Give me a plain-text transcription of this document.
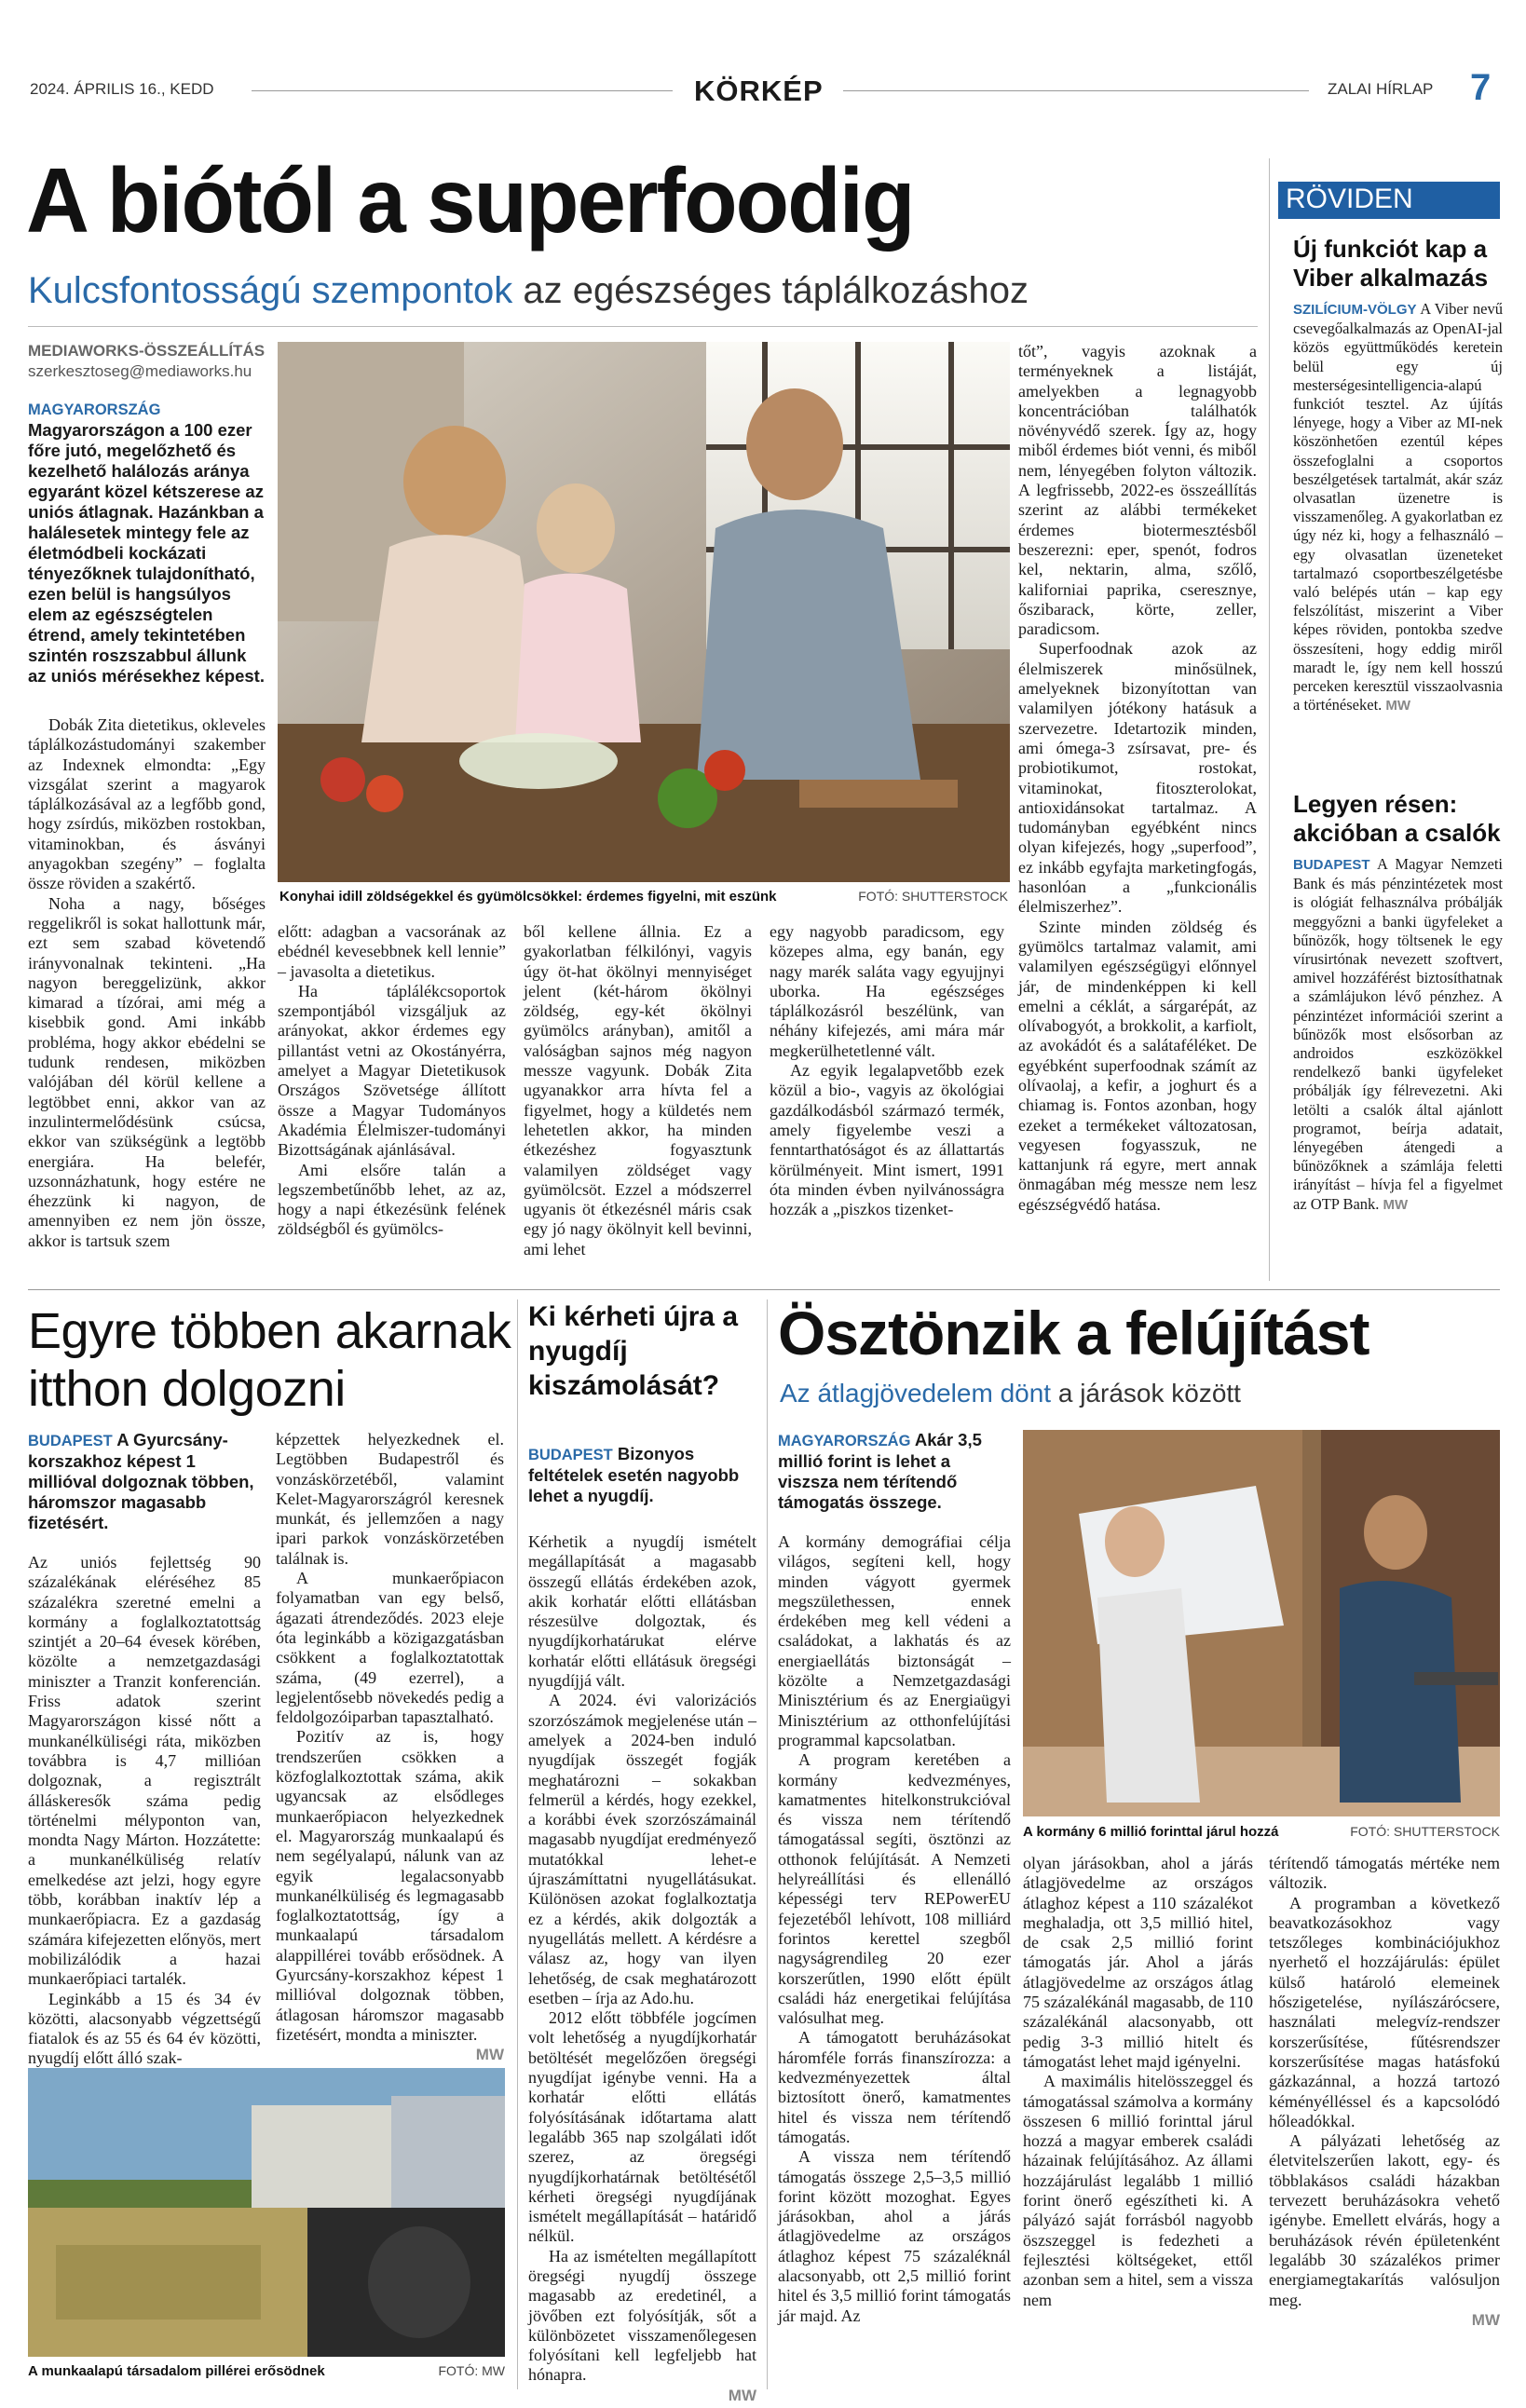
2024. ÁPRILIS 16., KEDD	KÖRKÉP	ZALAI HÍRLAP 7
A biótól a superfoodig
Kulcsfontosságú szempontok az egészséges táplálkozáshoz
MEDIAWORKS-ÖSSZEÁLLÍTÁS
szerkesztoseg@mediaworks.hu
MAGYARORSZÁG Magyarországon a 100 ezer főre jutó, megelőzhető és kezelhető halálozás aránya egyaránt közel kétszerese az uniós átlagnak. Hazánkban a halálesetek mintegy fele az életmódbeli kockázati tényezőknek tulajdonítható, ezen belül is hangsúlyos elem az egészségtelen étrend, amely tekintetében szintén roszszabbul állunk az uniós mérésekhez képest.

Dobák Zita dietetikus, okleveles táplálkozástudományi szakember az Indexnek elmondta: „Egy vizsgálat szerint a magyarok táplálkozásával az a legfőbb gond, hogy zsírdús, miközben rostokban, vitaminokban, és ásványi anyagokban szegény” – foglalta össze röviden a szakértő.

Noha a nagy, bőséges reggelikről is sokat hallottunk már, ezt sem szabad követendő irányvonalnak tekinteni. „Ha nagyon bereggelizünk, akkor kimarad a tízórai, ami még a kisebbik gond. Ami inkább probléma, hogy akkor ebédelni se tudunk rendesen, miközben valójában dél körül kellene a legtöbbet enni, akkor van az inzulintermelődésünk csúcsa, ekkor van szükségünk a legtöbb energiára. Ha belefér, uzsonnázhatunk, hogy estére ne éhezzünk ki nagyon, de amennyiben ez nem jön össze, akkor is tartsuk szem

Konyhai idill zöldségekkel és gyümölcsökkel: érdemes figyelni, mit eszünk	FOTÓ: SHUTTERSTOCK

előtt: adagban a vacsorának az ebédnél kevesebbnek kell lennie” – javasolta a dietetikus.

Ha táplálékcsoportok szempontjából vizsgáljuk az arányokat, akkor érdemes egy pillantást vetni az Okostányérra, amelyet a Magyar Dietetikusok Országos Szövetsége állított össze a Magyar Tudományos Akadémia Élelmiszer-tudományi Bizottságának ajánlásával.

Ami elsőre talán a legszembetűnőbb lehet, az az, hogy a napi étkezésünk felének zöldségből és gyümölcs-

ből kellene állnia. Ez a gyakorlatban félkilónyi, vagyis úgy öt-hat ökölnyi mennyiséget jelent (két-három ökölnyi zöldség, egy-két ökölnyi gyümölcs arányban), amitől a valóságban sajnos még nagyon messze vagyunk. Dobák Zita ugyanakkor arra hívta fel a figyelmet, hogy a küldetés nem lehetetlen akkor, ha minden étkezéshez fogyasztunk valamilyen zöldséget vagy gyümölcsöt. Ezzel a módszerrel ugyanis öt étkezésnél máris csak egy jó nagy ökölnyit kell bevinni, ami lehet

egy nagyobb paradicsom, egy közepes alma, egy banán, egy nagy marék saláta vagy egyujjnyi uborka. Ha egészséges táplálkozásról beszélünk, van néhány kifejezés, ami mára már megkerülhetetlenné vált.

Az egyik legalapvetőbb ezek közül a bio-, vagyis az ökológiai gazdálkodásból származó termék, amely figyelembe veszi a fenntarthatóságot és az állattartás körülményeit. Mint ismert, 1991 óta minden évben nyilvánosságra hozzák a „piszkos tizenket-

tőt”, vagyis azoknak a terményeknek a listáját, amelyekben a legnagyobb koncentrációban találhatók növényvédő szerek. Így az, hogy miből érdemes biót venni, és miből nem, lényegében folyton változik. A legfrissebb, 2022-es összeállítás szerint az alábbi termékeket érdemes biotermesztésből beszerezni: eper, spenót, fodros kel, nektarin, alma, szőlő, kaliforniai paprika, cseresznye, őszibarack, körte, zeller, paradicsom.

Superfoodnak azok az élelmiszerek minősülnek, amelyeknek bizonyítottan van valamilyen jótékony hatásuk a szervezetre. Idetartozik minden, ami ómega-3 zsírsavat, pre- és probiotikumot, rostokat, vitaminokat, fitoszterolokat, antioxidánsokat tartalmaz. A tudományban egyébként nincs olyan kifejezés, hogy „superfood”, ez inkább egyfajta marketingfogás, hasonlóan a „funkcionális élelmiszerhez”.

Szinte minden zöldség és gyümölcs tartalmaz valamit, ami valamilyen egészségügyi előnnyel jár, de mindenképpen ki kell emelni a céklát, a sárgarépát, az olívabogyót, a brokkolit, a karfiolt, az avokádót és a salátaféléket. De egyébként superfoodnak számít az olívaolaj, a kefir, a joghurt és a chiamag is. Fontos azonban, hogy ezeket a termékeket változatosan, vegyesen fogyasszuk, ne kattanjunk rá egyre, mert annak önmagában még messze nem lesz egészségvédő hatása.

RÖVIDEN
Új funkciót kap a Viber alkalmazás

SZILÍCIUM-VÖLGY A Viber nevű csevegőalkalmazás az OpenAI-jal közös együttműködés keretein belül egy új mesterségesintelligencia-alapú funkciót tesztel. Az újítás lényege, hogy a Viber az MI-nek köszönhetően ezentúl képes összefoglalni a csoportos beszélgetések tartalmát, akár száz olvasatlan üzenetre is visszamenőleg. A gyakorlatban ez úgy néz ki, hogy a felhasználó – egy olvasatlan üzeneteket tartalmazó csoportbeszélgetésbe való belépés után – kap egy felszólítást, miszerint a Viber képes röviden, pontokba szedve összesíteni, hogy eddig miről maradt le, így nem kell hosszú perceken keresztül visszaolvasnia a történéseket. MW

Legyen résen: akcióban a csalók

BUDAPEST A Magyar Nemzeti Bank és más pénzintézetek most is ológiát felhasználva próbálják meggyőzni a banki ügyfeleket a bűnözők, hogy töltsenek le egy vírusirtónak nevezett szoftvert, amivel hozzáférést biztosíthatnak a számlájukon lévő pénzhez. A pénzintézet információi szerint a bűnözők most elsősorban az androidos eszközökkel rendelkező banki ügyfeleket próbálják így félrevezetni. Aki letölti a csalók által ajánlott programot, beírja adatait, lényegében átengedi a bűnözőknek a számlája feletti irányítást – hívja fel a figyelmet az OTP Bank. MW

Egyre többen akarnak
itthon dolgozni
BUDAPEST A Gyurcsány-korszakhoz képest 1 millióval dolgoznak többen, háromszor magasabb fizetésért.

Az uniós fejlettség 90 százalékának eléréséhez 85 százalékra szeretné emelni a kormány a foglalkoztatottság szintjét a 20–64 évesek körében, közölte a nemzetgazdasági miniszter a Tranzit konferencián. Friss adatok szerint Magyarországon kissé nőtt a munkanélküliségi ráta, miközben továbbra is 4,7 millióan dolgoznak, a regisztrált álláskeresők száma pedig történelmi mélyponton van, mondta Nagy Márton. Hozzátette: a munkanélküliség relatív emelkedése azt jelzi, hogy egyre több, korábban inaktív lép a munkaerőpiacra. Ez a gazdaság számára kifejezetten előnyös, mert mobilizálódik a hazai munkaerőpiaci tartalék.

Leginkább a 15 és 34 év közötti, alacsonyabb végzettségű fiatalok és az 55 és 64 év közötti, nyugdíj előtt álló szak-

képzettek helyezkednek el. Legtöbben Budapestről és vonzáskörzetéből, valamint Kelet-Magyarországról keresnek munkát, és jellemzően a nagy ipari parkok vonzáskörzetében találnak is.

A munkaerőpiacon folyamatban van egy belső, ágazati átrendeződés. 2023 eleje óta leginkább a közigazgatásban csökkent a foglalkoztatottak száma, (49 ezerrel), a legjelentősebb növekedés pedig a feldolgozóiparban tapasztalható.

Pozitív az is, hogy trendszerűen csökken a közfoglalkoztottak száma, akik ugyancsak az elsődleges munkaerőpiacon helyezkednek el. Magyarország munkaalapú és nem segélyalapú, nálunk van az egyik legalacsonyabb munkanélküliség és legmagasabb foglalkoztatottság, így a munkaalapú társadalom alappillérei tovább erősödnek. A Gyurcsány-korszakhoz képest 1 millióval dolgoznak többen, átlagosan háromszor magasabb fizetésért, mondta a miniszter.

MW
A munkaalapú társadalom pillérei erősödnek	FOTÓ: MW
Ki kérheti újra a nyugdíj kiszámolását?
BUDAPEST Bizonyos feltételek esetén nagyobb lehet a nyugdíj.

Kérhetik a nyugdíj ismételt megállapítását a magasabb összegű ellátás érdekében azok, akik korhatár előtti ellátásban részesülve dolgoztak, és nyugdíjkorhatárukat elérve korhatár előtti ellátásuk öregségi nyugdíjjá vált.

A 2024. évi valorizációs szorzószámok megjelenése után – amelyek a 2024-ben induló nyugdíjak összegét fogják meghatározni – sokakban felmerül a kérdés, hogy ezekkel, a korábbi évek szorzószámainál magasabb nyugdíjat eredményező mutatókkal lehet-e újraszámíttatni nyugellátásukat. Különösen azokat foglalkoztatja ez a kérdés, akik dolgozták a nyugellátás mellett. A kérdésre a válasz az, hogy van ilyen lehetőség, de csak meghatározott esetben – írja az Ado.hu.

2012 előtt többféle jogcímen volt lehetőség a nyugdíjkorhatár betöltését megelőzően öregségi nyugdíjat igénybe venni. Ha a korhatár előtti ellátás folyósításának időtartama alatt legalább 365 nap szolgálati időt szerez, az öregségi nyugdíjkorhatárnak betöltésétől kérheti öregségi nyugdíjának ismételt megállapítását – határidő nélkül.

Ha az ismételten megállapított öregségi nyugdíj összege magasabb az eredetinél, a jövőben ezt folyósítják, sőt a különbözetet visszamenőlegesen folyósítani kell legfeljebb hat hónapra.

MW
Ösztönzik a felújítást
Az átlagjövedelem dönt a járások között
MAGYARORSZÁG Akár 3,5 millió forint is lehet a viszsza nem térítendő támogatás összege.

A kormány demográfiai célja világos, segíteni kell, hogy minden vágyott gyermek megszülethessen, ennek érdekében meg kell védeni a családokat, a lakhatás és az energiaellátás biztonságát – közölte a Nemzetgazdasági Minisztérium és az Energiaügyi Minisztérium az otthonfelújítási programmal kapcsolatban.

A program keretében a kormány kedvezményes, kamatmentes hitelkonstrukcióval és vissza nem térítendő támogatással segíti, ösztönzi az otthonok felújítását. A Nemzeti helyreállítási és ellenálló képességi terv REPowerEU fejezetéből lehívott, 108 milliárd forintos kerettel szegből nagyságrendileg 20 ezer korszerűtlen, 1990 előtt épült családi ház energetikai felújítása valósulhat meg.

A támogatott beruházásokat háromféle forrás finanszírozza: a kedvezményezettek által biztosított önerő, kamatmentes hitel és vissza nem térítendő támogatás.

A vissza nem térítendő támogatás összege 2,5–3,5 millió forint között mozoghat. Egyes járásokban, ahol a járás átlagjövedelme az országos átlaghoz képest 75 százaléknál alacsonyabb, ott 2,5 millió forint hitel és 3,5 millió forint támogatás jár majd. Az

A kormány 6 millió forinttal járul hozzá	FOTÓ: SHUTTERSTOCK

olyan járásokban, ahol a járás átlagjövedelme az országos átlaghoz képest a 110 százalékot meghaladja, ott 3,5 millió hitel, de csak 2,5 millió forint támogatás jár. Ahol a járás átlagjövedelme az országos átlag 75 százalékánál magasabb, de 110 százalékánál alacsonyabb, ott pedig 3-3 millió hitelt és támogatást lehet majd igényelni.

A maximális hitelösszeggel és támogatással számolva a kormány összesen 6 millió forinttal járul hozzá a magyar emberek családi házainak felújításához. Az állami hozzájárulást legalább 1 millió forint önerő egészítheti ki. A pályázó saját forrásból nagyobb öszszeggel is fedezheti a fejlesztési költségeket, ettől azonban sem a hitel, sem a vissza nem

térítendő támogatás mértéke nem változik.

A programban a következő beavatkozásokhoz vagy tetszőleges kombinációjukhoz nyerhető el hozzájárulás: épület külső határoló elemeinek hőszigetelése, nyílászárócsere, használati melegvíz-rendszer korszerűsítése, fűtésrendszer korszerűsítése magas hatásfokú gázkazánnal, a hozzá tartozó kéményélléssel és a kapcsolódó hőleadókkal.

A pályázati lehetőség az életvitelszerűen lakott, egy- és többlakásos családi házakban tervezett beruházásokra vehető igénybe. Emellett elvárás, hogy a beruházások révén épületenként legalább 30 százalékos primer energiamegtakarítás valósuljon meg.

MW
